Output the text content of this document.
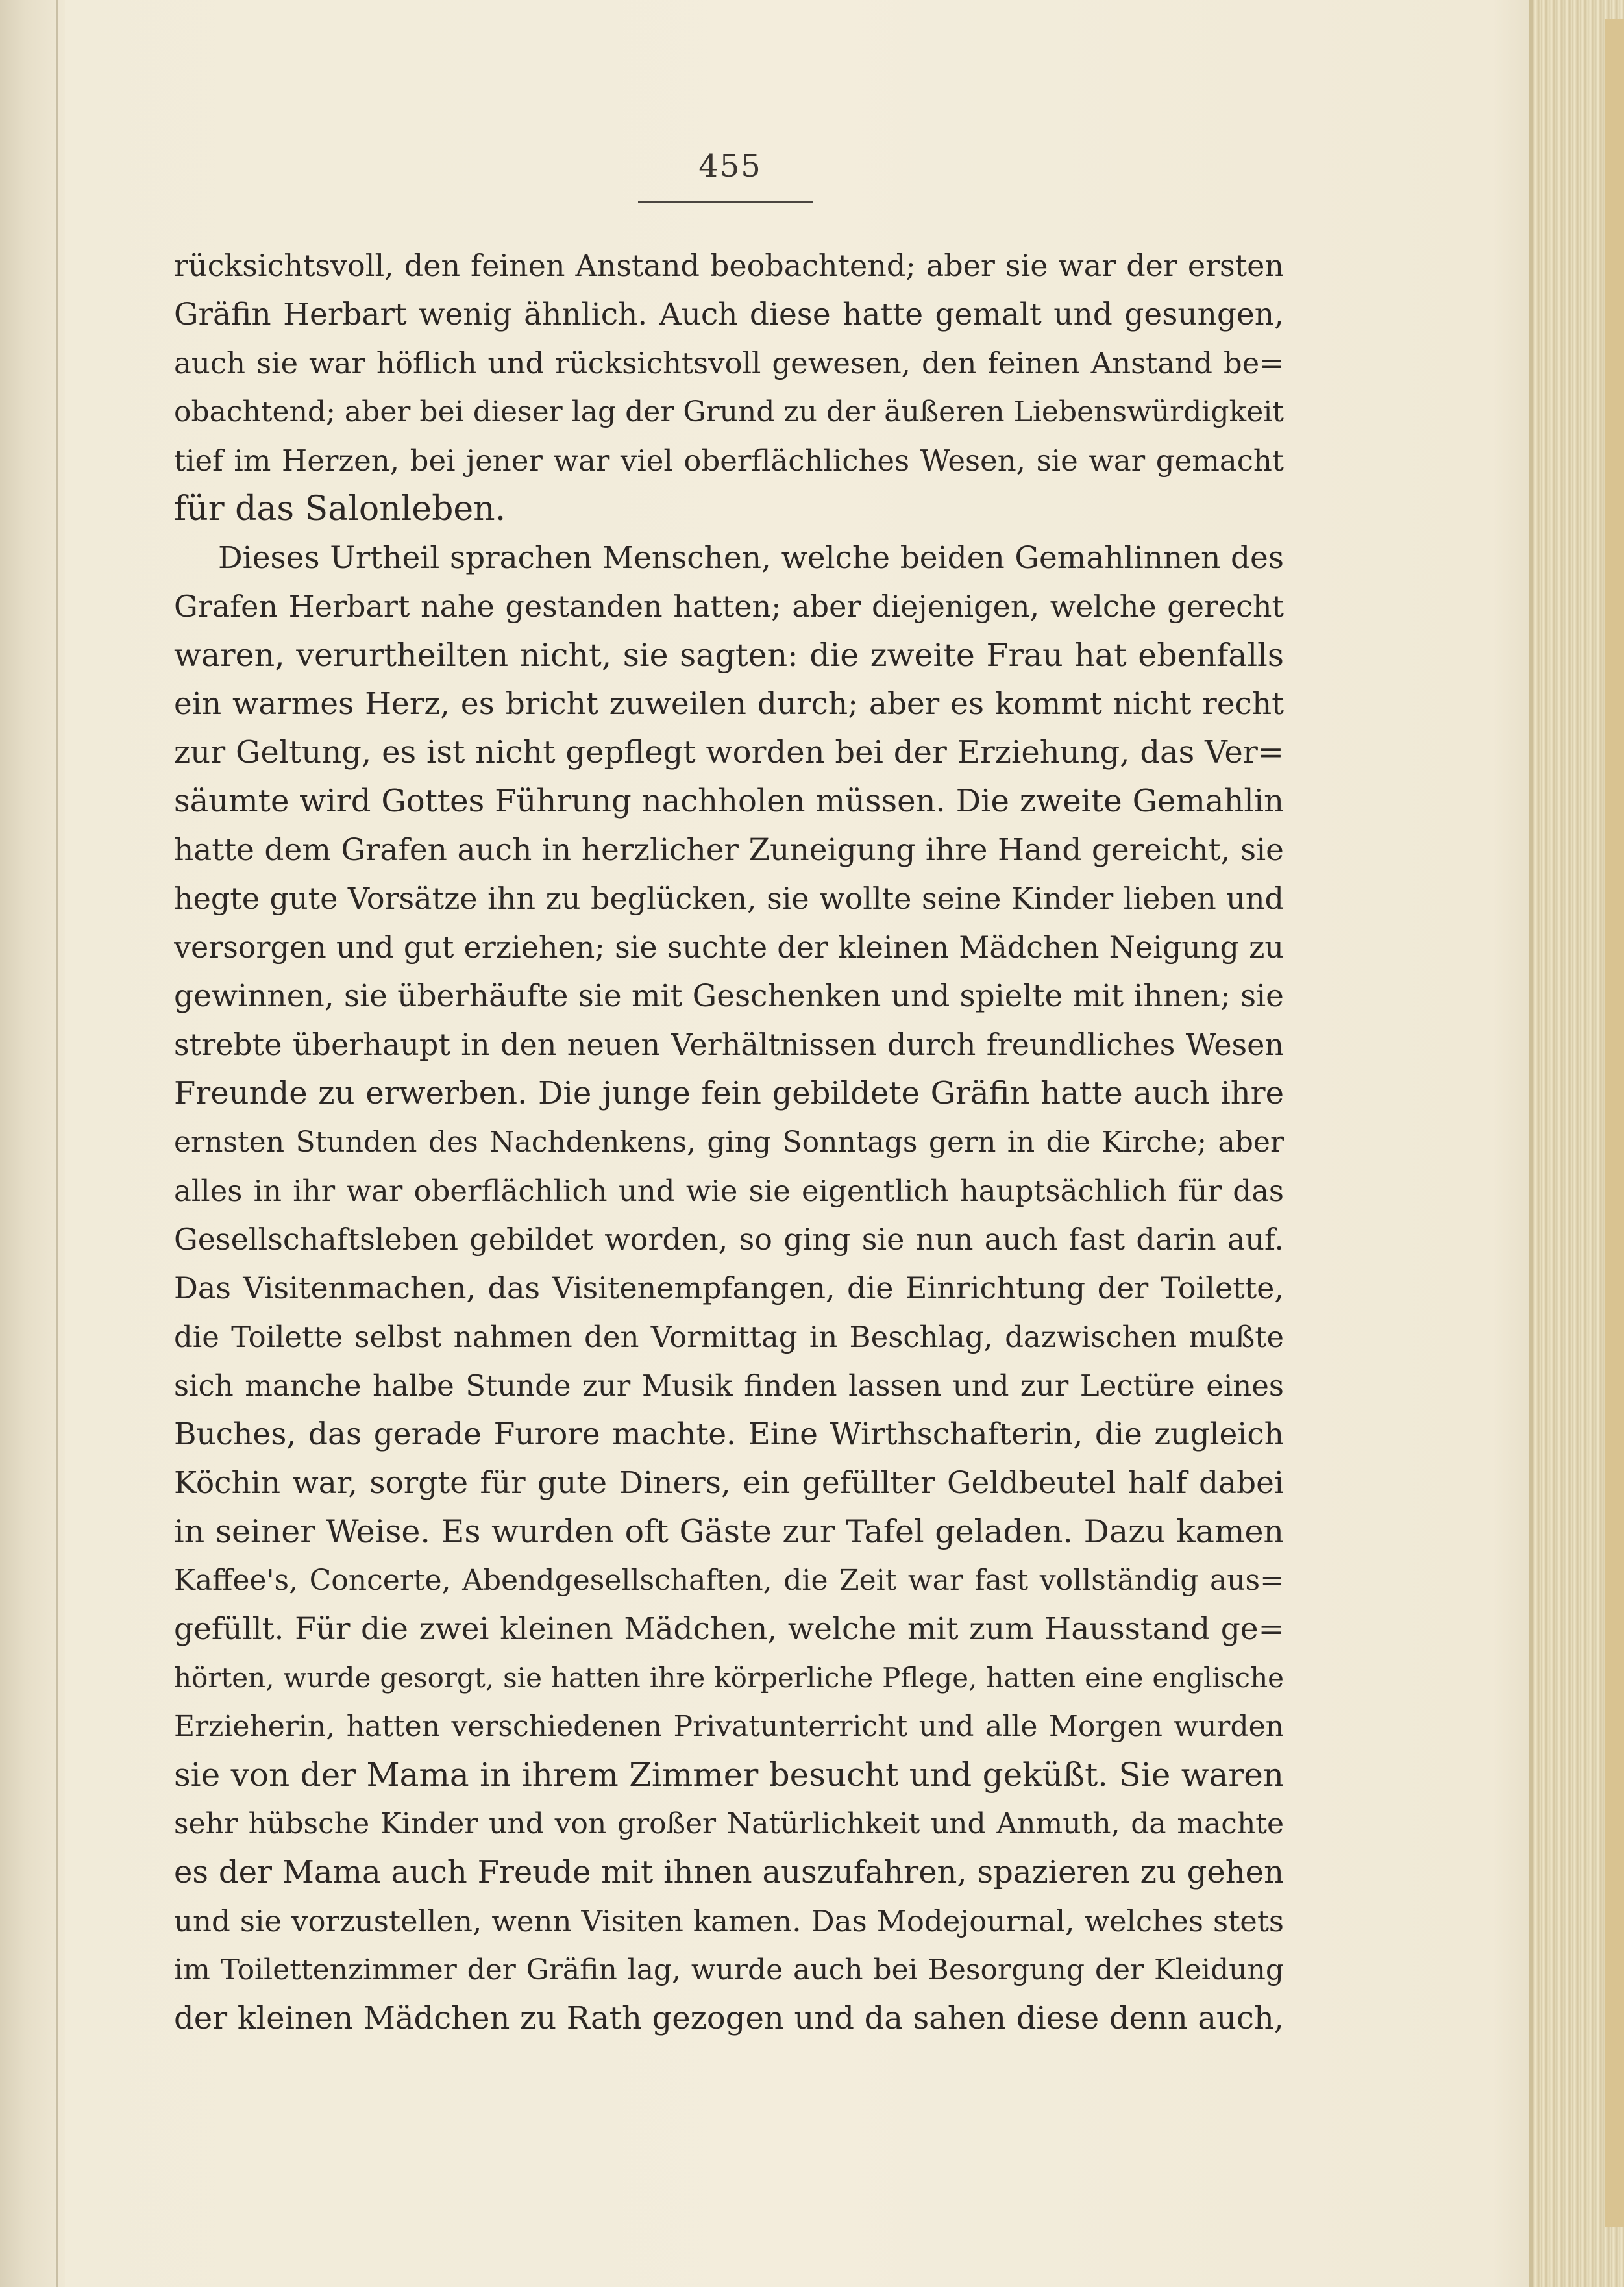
455
rücksichtsvoll, den feinen Anstand beobachtend; aber sie war der ersten
Gräfin Herbart wenig ähnlich. Auch diese hatte gemalt und gesungen,
auch sie war höflich und rücksichtsvoll gewesen, den feinen Anstand be=
obachtend; aber bei dieser lag der Grund zu der äußeren Liebenswürdigkeit
tief im Herzen, bei jener war viel oberflächliches Wesen, sie war gemacht
für das Salonleben.
Dieses Urtheil sprachen Menschen, welche beiden Gemahlinnen des
Grafen Herbart nahe gestanden hatten; aber diejenigen, welche gerecht
waren, verurtheilten nicht, sie sagten: die zweite Frau hat ebenfalls
ein warmes Herz, es bricht zuweilen durch; aber es kommt nicht recht
zur Geltung, es ist nicht gepflegt worden bei der Erziehung, das Ver=
säumte wird Gottes Führung nachholen müssen. Die zweite Gemahlin
hatte dem Grafen auch in herzlicher Zuneigung ihre Hand gereicht, sie
hegte gute Vorsätze ihn zu beglücken, sie wollte seine Kinder lieben und
versorgen und gut erziehen; sie suchte der kleinen Mädchen Neigung zu
gewinnen, sie überhäufte sie mit Geschenken und spielte mit ihnen; sie
strebte überhaupt in den neuen Verhältnissen durch freundliches Wesen
Freunde zu erwerben. Die junge fein gebildete Gräfin hatte auch ihre
ernsten Stunden des Nachdenkens, ging Sonntags gern in die Kirche; aber
alles in ihr war oberflächlich und wie sie eigentlich hauptsächlich für das
Gesellschaftsleben gebildet worden, so ging sie nun auch fast darin auf.
Das Visitenmachen, das Visitenempfangen, die Einrichtung der Toilette,
die Toilette selbst nahmen den Vormittag in Beschlag, dazwischen mußte
sich manche halbe Stunde zur Musik finden lassen und zur Lectüre eines
Buches, das gerade Furore machte. Eine Wirthschafterin, die zugleich
Köchin war, sorgte für gute Diners, ein gefüllter Geldbeutel half dabei
in seiner Weise. Es wurden oft Gäste zur Tafel geladen. Dazu kamen
Kaffee's, Concerte, Abendgesellschaften, die Zeit war fast vollständig aus=
gefüllt. Für die zwei kleinen Mädchen, welche mit zum Hausstand ge=
hörten, wurde gesorgt, sie hatten ihre körperliche Pflege, hatten eine englische
Erzieherin, hatten verschiedenen Privatunterricht und alle Morgen wurden
sie von der Mama in ihrem Zimmer besucht und geküßt. Sie waren
sehr hübsche Kinder und von großer Natürlichkeit und Anmuth, da machte
es der Mama auch Freude mit ihnen auszufahren, spazieren zu gehen
und sie vorzustellen, wenn Visiten kamen. Das Modejournal, welches stets
im Toilettenzimmer der Gräfin lag, wurde auch bei Besorgung der Kleidung
der kleinen Mädchen zu Rath gezogen und da sahen diese denn auch,
